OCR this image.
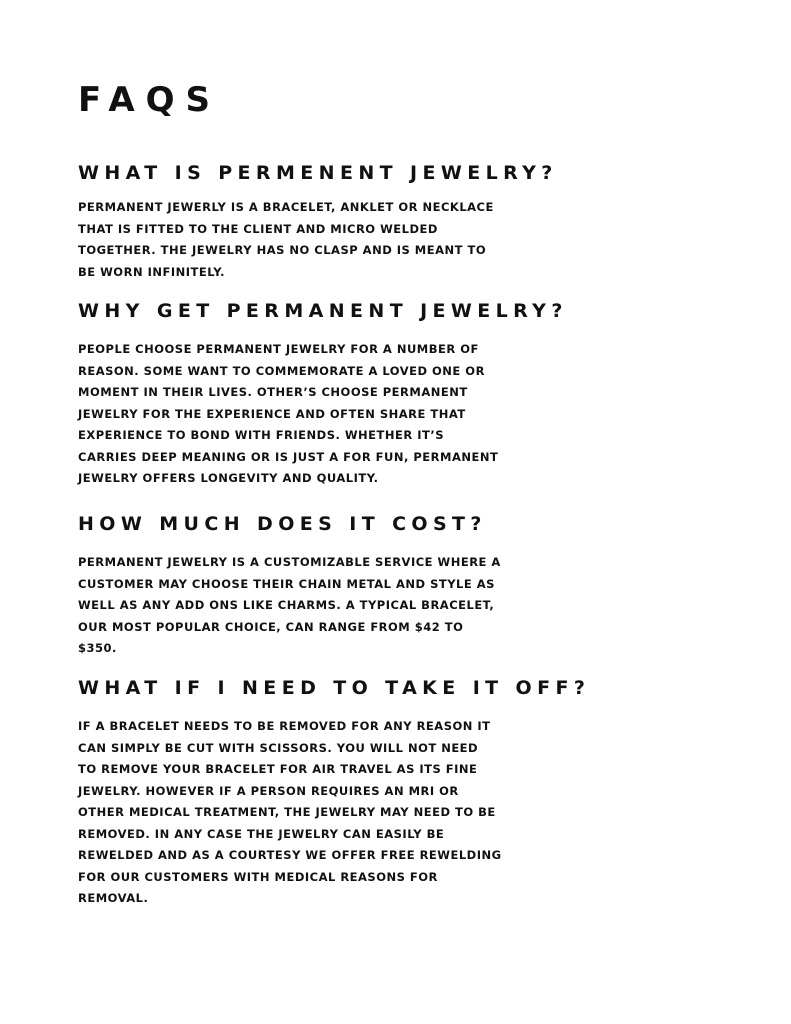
FAQS
WHAT IS PERMENENT JEWELRY?
PERMANENT JEWERLY IS A BRACELET, ANKLET OR NECKLACE
THAT IS FITTED TO THE CLIENT AND MICRO WELDED
TOGETHER. THE JEWELRY HAS NO CLASP AND IS MEANT TO
BE WORN INFINITELY.
WHY GET PERMANENT JEWELRY?
PEOPLE CHOOSE PERMANENT JEWELRY FOR A NUMBER OF
REASON. SOME WANT TO COMMEMORATE A LOVED ONE OR
MOMENT IN THEIR LIVES. OTHER’S CHOOSE PERMANENT
JEWELRY FOR THE EXPERIENCE AND OFTEN SHARE THAT
EXPERIENCE TO BOND WITH FRIENDS. WHETHER IT’S
CARRIES DEEP MEANING OR IS JUST A FOR FUN, PERMANENT
JEWELRY OFFERS LONGEVITY AND QUALITY.
HOW MUCH DOES IT COST?
PERMANENT JEWELRY IS A CUSTOMIZABLE SERVICE WHERE A
CUSTOMER MAY CHOOSE THEIR CHAIN METAL AND STYLE AS
WELL AS ANY ADD ONS LIKE CHARMS. A TYPICAL BRACELET,
OUR MOST POPULAR CHOICE, CAN RANGE FROM $42 TO
$350.
WHAT IF I NEED TO TAKE IT OFF?
IF A BRACELET NEEDS TO BE REMOVED FOR ANY REASON IT
CAN SIMPLY BE CUT WITH SCISSORS. YOU WILL NOT NEED
TO REMOVE YOUR BRACELET FOR AIR TRAVEL AS ITS FINE
JEWELRY. HOWEVER IF A PERSON REQUIRES AN MRI OR
OTHER MEDICAL TREATMENT, THE JEWELRY MAY NEED TO BE
REMOVED. IN ANY CASE THE JEWELRY CAN EASILY BE
REWELDED AND AS A COURTESY WE OFFER FREE REWELDING
FOR OUR CUSTOMERS WITH MEDICAL REASONS FOR
REMOVAL.
